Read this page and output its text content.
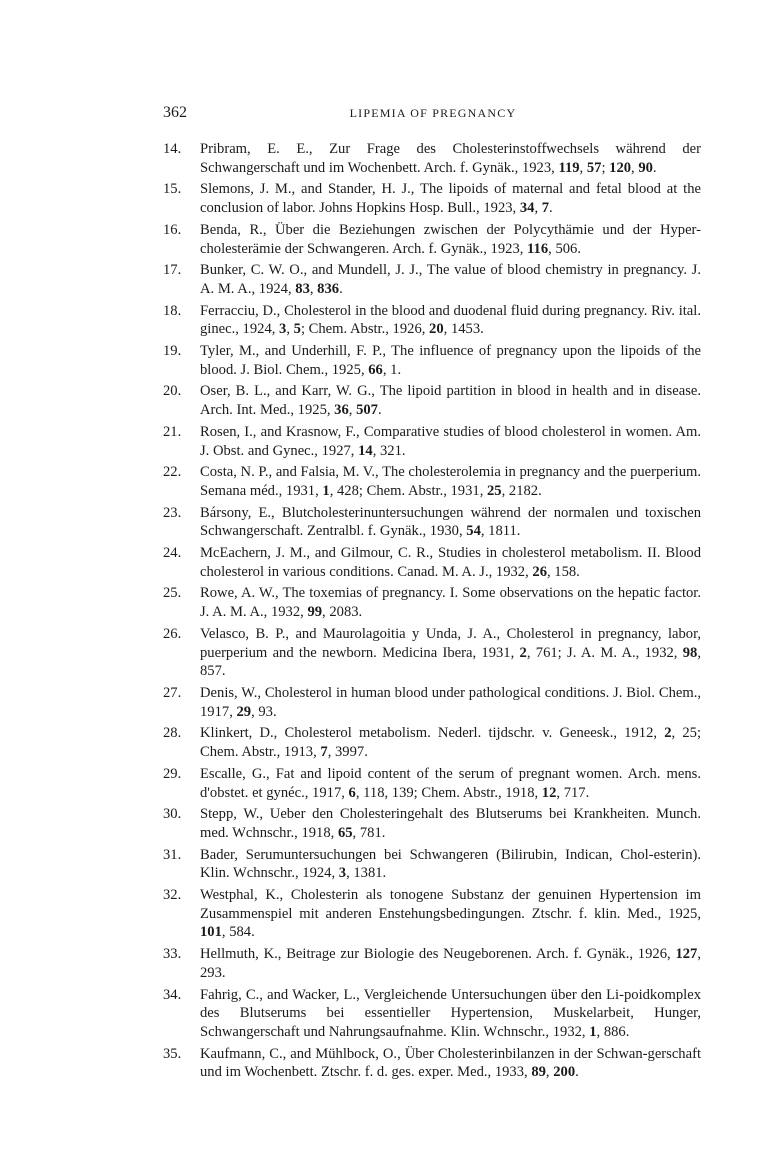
362	LIPEMIA OF PREGNANCY
14. Pribram, E. E., Zur Frage des Cholesterinstoffwechsels während der Schwangerschaft und im Wochenbett. Arch. f. Gynäk., 1923, 119, 57; 120, 90.
15. Slemons, J. M., and Stander, H. J., The lipoids of maternal and fetal blood at the conclusion of labor. Johns Hopkins Hosp. Bull., 1923, 34, 7.
16. Benda, R., Über die Beziehungen zwischen der Polycythämie und der Hyper-cholesterämie der Schwangeren. Arch. f. Gynäk., 1923, 116, 506.
17. Bunker, C. W. O., and Mundell, J. J., The value of blood chemistry in pregnancy. J. A. M. A., 1924, 83, 836.
18. Ferracciu, D., Cholesterol in the blood and duodenal fluid during pregnancy. Riv. ital. ginec., 1924, 3, 5; Chem. Abstr., 1926, 20, 1453.
19. Tyler, M., and Underhill, F. P., The influence of pregnancy upon the lipoids of the blood. J. Biol. Chem., 1925, 66, 1.
20. Oser, B. L., and Karr, W. G., The lipoid partition in blood in health and in disease. Arch. Int. Med., 1925, 36, 507.
21. Rosen, I., and Krasnow, F., Comparative studies of blood cholesterol in women. Am. J. Obst. and Gynec., 1927, 14, 321.
22. Costa, N. P., and Falsia, M. V., The cholesterolemia in pregnancy and the puerperium. Semana méd., 1931, 1, 428; Chem. Abstr., 1931, 25, 2182.
23. Bársony, E., Blutcholesterinuntersuchungen während der normalen und toxischen Schwangerschaft. Zentralbl. f. Gynäk., 1930, 54, 1811.
24. McEachern, J. M., and Gilmour, C. R., Studies in cholesterol metabolism. II. Blood cholesterol in various conditions. Canad. M. A. J., 1932, 26, 158.
25. Rowe, A. W., The toxemias of pregnancy. I. Some observations on the hepatic factor. J. A. M. A., 1932, 99, 2083.
26. Velasco, B. P., and Maurolagoitia y Unda, J. A., Cholesterol in pregnancy, labor, puerperium and the newborn. Medicina Ibera, 1931, 2, 761; J. A. M. A., 1932, 98, 857.
27. Denis, W., Cholesterol in human blood under pathological conditions. J. Biol. Chem., 1917, 29, 93.
28. Klinkert, D., Cholesterol metabolism. Nederl. tijdschr. v. Geneesk., 1912, 2, 25; Chem. Abstr., 1913, 7, 3997.
29. Escalle, G., Fat and lipoid content of the serum of pregnant women. Arch. mens. d'obstet. et gynéc., 1917, 6, 118, 139; Chem. Abstr., 1918, 12, 717.
30. Stepp, W., Ueber den Cholesteringehalt des Blutserums bei Krankheiten. Munch. med. Wchnschr., 1918, 65, 781.
31. Bader, Serumuntersuchungen bei Schwangeren (Bilirubin, Indican, Chol-esterin). Klin. Wchnschr., 1924, 3, 1381.
32. Westphal, K., Cholesterin als tonogene Substanz der genuinen Hypertension im Zusammenspiel mit anderen Enstehungsbedingungen. Ztschr. f. klin. Med., 1925, 101, 584.
33. Hellmuth, K., Beitrage zur Biologie des Neugeborenen. Arch. f. Gynäk., 1926, 127, 293.
34. Fahrig, C., and Wacker, L., Vergleichende Untersuchungen über den Li-poidkomplex des Blutserums bei essentieller Hypertension, Muskelarbeit, Hunger, Schwangerschaft und Nahrungsaufnahme. Klin. Wchnschr., 1932, 1, 886.
35. Kaufmann, C., and Mühlbock, O., Über Cholesterinbilanzen in der Schwan-gerschaft und im Wochenbett. Ztschr. f. d. ges. exper. Med., 1933, 89, 200.
